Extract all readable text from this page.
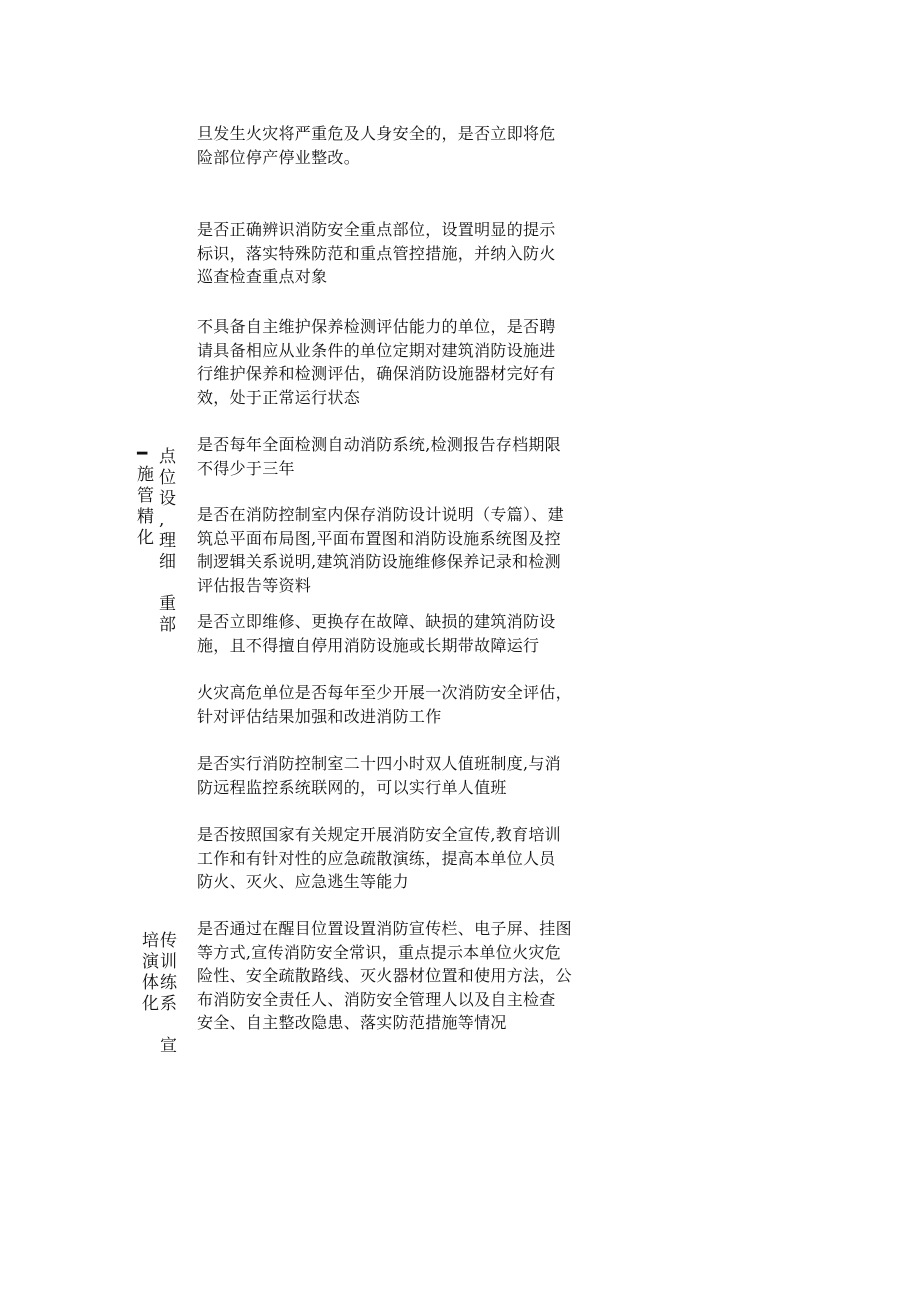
━
施
管
精
化

点
位
设
,
理
细

重
部

培
演
体
化

传
训
练
系

宣

旦发生火灾将严重危及人身安全的，是否立即将危
险部位停产停业整改。

是否正确辨识消防安全重点部位，设置明显的提示
标识，落实特殊防范和重点管控措施，并纳入防火
巡查检查重点对象

不具备自主维护保养检测评估能力的单位，是否聘
请具备相应从业条件的单位定期对建筑消防设施进
行维护保养和检测评估，确保消防设施器材完好有
效，处于正常运行状态

是否每年全面检测自动消防系统,检测报告存档期限
不得少于三年

是否在消防控制室内保存消防设计说明（专篇）、建
筑总平面布局图,平面布置图和消防设施系统图及控
制逻辑关系说明,建筑消防设施维修保养记录和检测
评估报告等资料

是否立即维修、更换存在故障、缺损的建筑消防设
施，且不得擅自停用消防设施或长期带故障运行

火灾高危单位是否每年至少开展一次消防安全评估，
针对评估结果加强和改进消防工作

是否实行消防控制室二十四小时双人值班制度,与消
防远程监控系统联网的，可以实行单人值班

是否按照国家有关规定开展消防安全宣传,教育培训
工作和有针对性的应急疏散演练，提高本单位人员
防火、灭火、应急逃生等能力

是否通过在醒目位置设置消防宣传栏、电子屏、挂图
等方式,宣传消防安全常识，重点提示本单位火灾危
险性、安全疏散路线、灭火器材位置和使用方法，公
布消防安全责任人、消防安全管理人以及自主检查
安全、自主整改隐患、落实防范措施等情况
